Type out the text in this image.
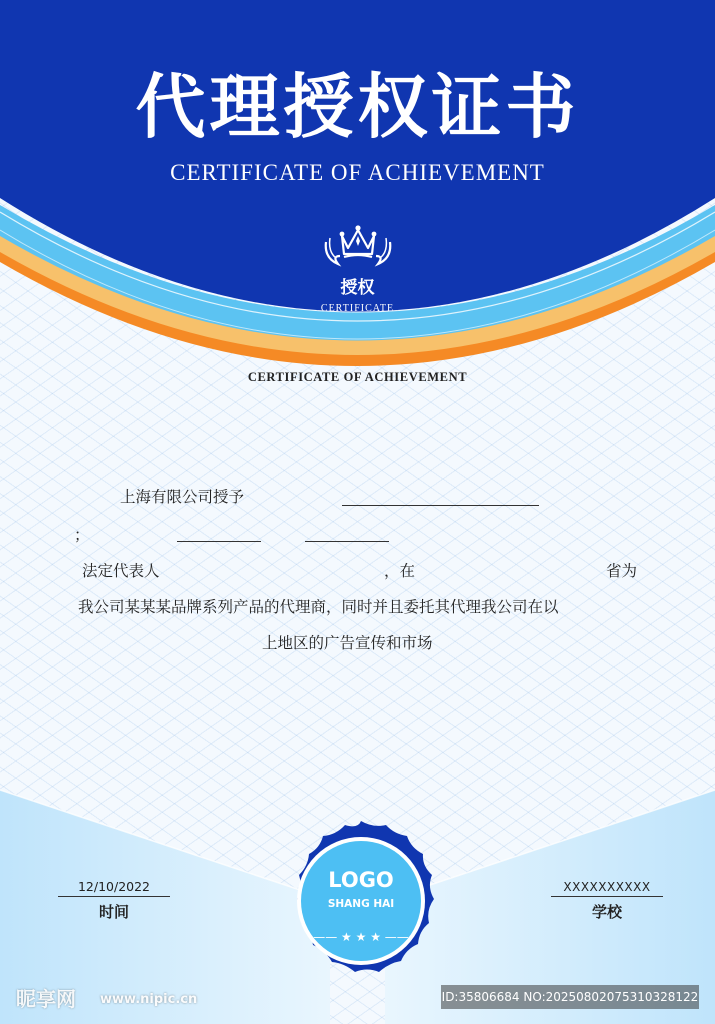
代理授权证书
CERTIFICATE OF ACHIEVEMENT
授权
CERTIFICATE
CERTIFICATE OF ACHIEVEMENT
上海有限公司授予
；
法定代表人	，在	省为
我公司某某某品牌系列产品的代理商，同时并且委托其代理我公司在以
上地区的广告宣传和市场
12/10/2022
时间
XXXXXXXXXX
学校
LOGO
SHANG HAI
—— ★ ★ ★ ——
昵享网 www.nipic.cn	ID:35806684 NO:20250802075310328122
